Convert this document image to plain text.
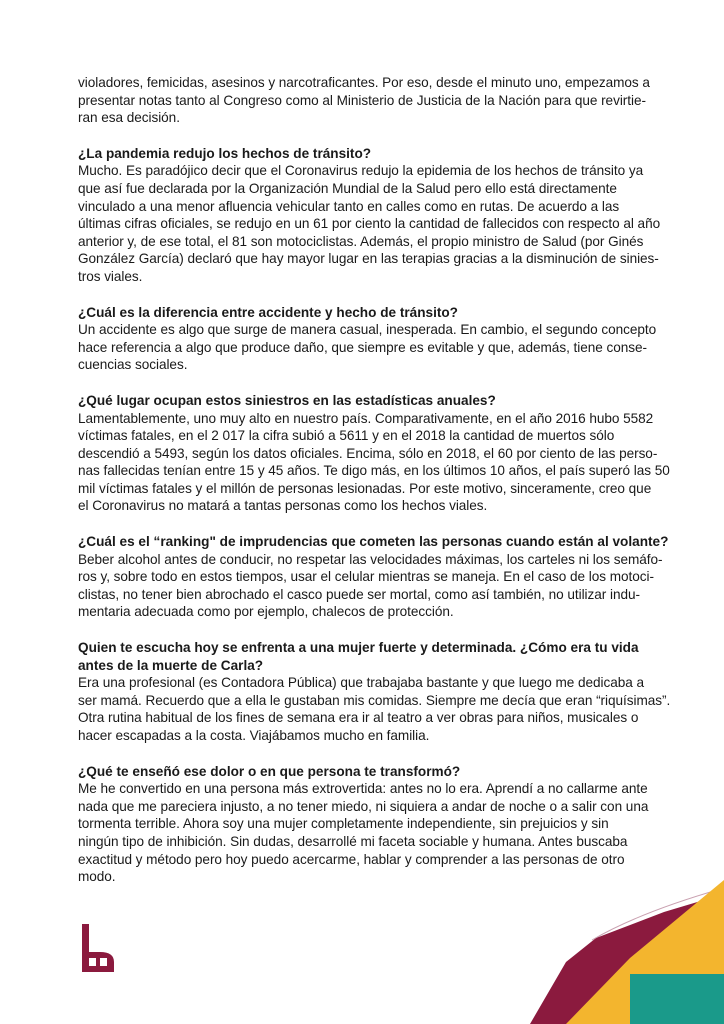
violadores, femicidas, asesinos y narcotraficantes. Por eso, desde el minuto uno, empezamos a
presentar notas tanto al Congreso como al Ministerio de Justicia de la Nación para que revirtie-
ran esa decisión.

¿La pandemia redujo los hechos de tránsito?

Mucho. Es paradójico decir que el Coronavirus redujo la epidemia de los hechos de tránsito ya
que así fue declarada por la Organización Mundial de la Salud pero ello está directamente
vinculado a una menor afluencia vehicular tanto en calles como en rutas. De acuerdo a las
últimas cifras oficiales, se redujo en un 61 por ciento la cantidad de fallecidos con respecto al año
anterior y, de ese total, el 81 son motociclistas. Además, el propio ministro de Salud (por Ginés
González García) declaró que hay mayor lugar en las terapias gracias a la disminución de sinies-
tros viales.

¿Cuál es la diferencia entre accidente y hecho de tránsito?

Un accidente es algo que surge de manera casual, inesperada. En cambio, el segundo concepto
hace referencia a algo que produce daño, que siempre es evitable y que, además, tiene conse-
cuencias sociales.

¿Qué lugar ocupan estos siniestros en las estadísticas anuales?

Lamentablemente, uno muy alto en nuestro país. Comparativamente, en el año 2016 hubo 5582
víctimas fatales, en el 2 017 la cifra subió a 5611 y en el 2018 la cantidad de muertos sólo
descendió a 5493, según los datos oficiales. Encima, sólo en 2018, el 60 por ciento de las perso-
nas fallecidas tenían entre 15 y 45 años. Te digo más, en los últimos 10 años, el país superó las 50
mil víctimas fatales y el millón de personas lesionadas. Por este motivo, sinceramente, creo que
el Coronavirus no matará a tantas personas como los hechos viales.

¿Cuál es el “ranking" de imprudencias que cometen las personas cuando están al volante?

Beber alcohol antes de conducir, no respetar las velocidades máximas, los carteles ni los semáfo-
ros y, sobre todo en estos tiempos, usar el celular mientras se maneja. En el caso de los motoci-
clistas, no tener bien abrochado el casco puede ser mortal, como así también, no utilizar indu-
mentaria adecuada como por ejemplo, chalecos de protección.

Quien te escucha hoy se enfrenta a una mujer fuerte y determinada. ¿Cómo era tu vida
antes de la muerte de Carla?

Era una profesional (es Contadora Pública) que trabajaba bastante y que luego me dedicaba a
ser mamá. Recuerdo que a ella le gustaban mis comidas. Siempre me decía que eran “riquísimas”.
Otra rutina habitual de los fines de semana era ir al teatro a ver obras para niños, musicales o
hacer escapadas a la costa. Viajábamos mucho en familia.

¿Qué te enseñó ese dolor o en que persona te transformó?

Me he convertido en una persona más extrovertida: antes no lo era. Aprendí a no callarme ante
nada que me pareciera injusto, a no tener miedo, ni siquiera a andar de noche o a salir con una
tormenta terrible. Ahora soy una mujer completamente independiente, sin prejuicios y sin
ningún tipo de inhibición. Sin dudas, desarrollé mi faceta sociable y humana. Antes buscaba
exactitud y método pero hoy puedo acercarme, hablar y comprender a las personas de otro
modo.
